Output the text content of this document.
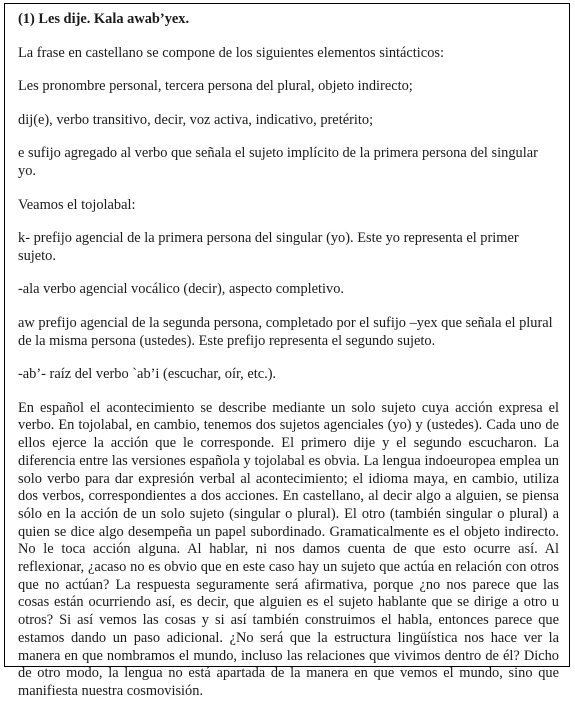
(1) Les dije. Kala awab’yex.
La frase en castellano se compone de los siguientes elementos sintácticos:
Les pronombre personal, tercera persona del plural, objeto indirecto;
dij(e), verbo transitivo, decir, voz activa, indicativo, pretérito;
e sufijo agregado al verbo que señala el sujeto implícito de la primera persona del singular yo.
Veamos el tojolabal:
k- prefijo agencial de la primera persona del singular (yo). Este yo representa el primer sujeto.
-ala verbo agencial vocálico (decir), aspecto completivo.
aw prefijo agencial de la segunda persona, completado por el sufijo –yex que señala el plural de la misma persona (ustedes). Este prefijo representa el segundo sujeto.
-ab’- raíz del verbo `ab’i (escuchar, oír, etc.).

En español el acontecimiento se describe mediante un solo sujeto cuya acción expresa el verbo. En tojolabal, en cambio, tenemos dos sujetos agenciales (yo) y (ustedes). Cada uno de ellos ejerce la acción que le corresponde. El primero dije y el segundo escucharon. La diferencia entre las versiones española y tojolabal es obvia. La lengua indoeuropea emplea un solo verbo para dar expresión verbal al acontecimiento; el idioma maya, en cambio, utiliza dos verbos, correspondientes a dos acciones. En castellano, al decir algo a alguien, se piensa sólo en la acción de un solo sujeto (singular o plural). El otro (también singular o plural) a quien se dice algo desempeña un papel subordinado. Gramaticalmente es el objeto indirecto. No le toca acción alguna. Al hablar, ni nos damos cuenta de que esto ocurre así. Al reflexionar, ¿acaso no es obvio que en este caso hay un sujeto que actúa en relación con otros que no actúan? La respuesta seguramente será afirmativa, porque ¿no nos parece que las cosas están ocurriendo así, es decir, que alguien es el sujeto hablante que se dirige a otro u otros? Si así vemos las cosas y si así también construimos el habla, entonces parece que estamos dando un paso adicional. ¿No será que la estructura lingüística nos hace ver la manera en que nombramos el mundo, incluso las relaciones que vivimos dentro de él? Dicho de otro modo, la lengua no está apartada de la manera en que vemos el mundo, sino que manifiesta nuestra cosmovisión.
